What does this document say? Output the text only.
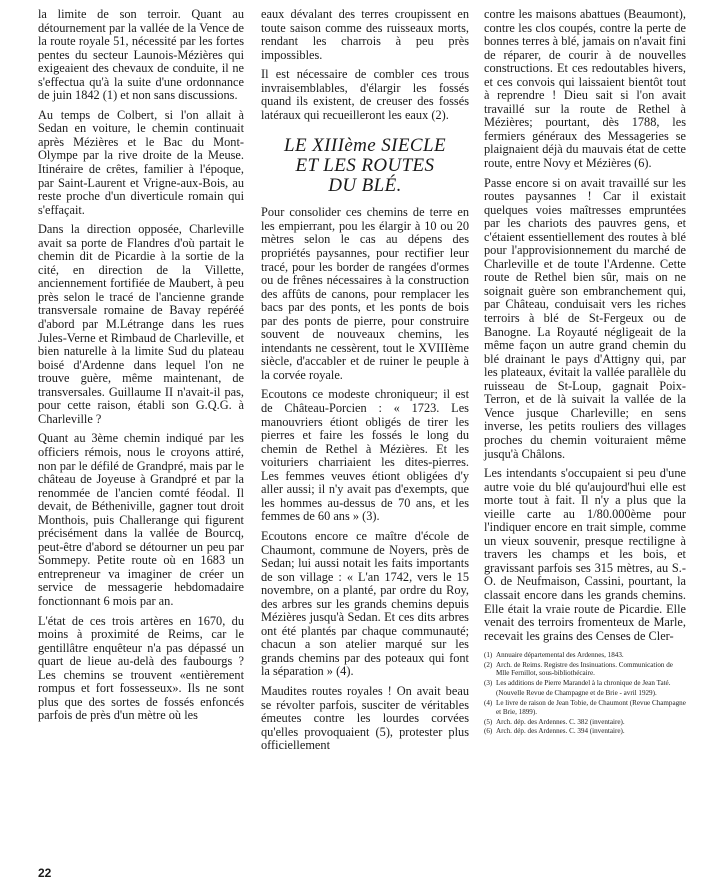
la limite de son terroir. Quant au détournement par la vallée de la Vence de la route royale 51, nécessité par les fortes pentes du secteur Launois-Mézières qui exigeaient des chevaux de conduite, il ne s'effectua qu'à la suite d'une ordonnance de juin 1842 (1) et non sans discussions.

Au temps de Colbert, si l'on allait à Sedan en voiture, le chemin continuait après Mézières et le Bac du Mont-Olympe par la rive droite de la Meuse. Itinéraire de crêtes, familier à l'époque, par Saint-Laurent et Vrigne-aux-Bois, au reste proche d'un diverticule romain qui s'effaçait.

Dans la direction opposée, Charleville avait sa porte de Flandres d'où partait le chemin dit de Picardie à la sortie de la cité, en direction de la Villette, anciennement fortifiée de Maubert, à peu près selon le tracé de l'ancienne grande transversale romaine de Bavay repéréé d'abord par M.Létrange dans les rues Jules-Verne et Rimbaud de Charleville, et bien naturelle à la limite Sud du plateau boisé d'Ardenne dans lequel l'on ne trouve guère, même maintenant, de transversales. Guillaume II n'avait-il pas, pour cette raison, établi son G.Q.G. à Charleville ?

Quant au 3ème chemin indiqué par les officiers rémois, nous le croyons attiré, non par le défilé de Grandpré, mais par le château de Joyeuse à Grandpré et par la renommée de l'ancien comté féodal. Il devait, de Bétheniville, gagner tout droit Monthois, puis Challerange qui figurent précisément dans la vallée de Bourcq, peut-être d'abord se détourner un peu par Sommepy. Petite route où en 1683 un entrepreneur va imaginer de créer un service de messagerie hebdomadaire fonctionnant 6 mois par an.

L'état de ces trois artères en 1670, du moins à proximité de Reims, car le gentillâtre enquêteur n'a pas dépassé un quart de lieue au-delà des faubourgs ? Les chemins se trouvent «entièrement rompus et fort fossesseux». Ils ne sont plus que des sortes de fossés enfoncés parfois de près d'un mètre où les

eaux dévalant des terres croupissent en toute saison comme des ruisseaux morts, rendant les charrois à peu près impossibles.

Il est nécessaire de combler ces trous invraisemblables, d'élargir les fossés quand ils existent, de creuser des fossés latéraux qui recueilleront les eaux (2).

LE XIIIème SIECLE
ET LES ROUTES
DU BLÉ.

Pour consolider ces chemins de terre en les empierrant, pou les élargir à 10 ou 20 mètres selon le cas au dépens des propriétés paysannes, pour rectifier leur tracé, pour les border de rangées d'ormes ou de frênes nécessaires à la construction des affûts de canons, pour remplacer les bacs par des ponts, et les ponts de bois par des ponts de pierre, pour construire souvent de nouveaux chemins, les intendants ne cessèrent, tout le XVIIIème siècle, d'accabler et de ruiner le peuple à la corvée royale.

Ecoutons ce modeste chroniqueur; il est de Château-Porcien : « 1723. Les manouvriers étiont obligés de tirer les pierres et faire les fossés le long du chemin de Rethel à Mézières. Et les voituriers charriaient les dites-pierres. Les femmes veuves étiont obligées d'y aller aussi; il n'y avait pas d'exempts, que les hommes au-dessus de 70 ans, et les femmes de 60 ans » (3).

Ecoutons encore ce maître d'école de Chaumont, commune de Noyers, près de Sedan; lui aussi notait les faits importants de son village : « L'an 1742, vers le 15 novembre, on a planté, par ordre du Roy, des arbres sur les grands chemins depuis Mézières jusqu'à Sedan. Et ces dits arbres ont été plantés par chaque communauté; chacun a son atelier marqué sur les grands chemins par des poteaux qui font la séparation » (4).

Maudites routes royales ! On avait beau se révolter parfois, susciter de véritables émeutes contre les lourdes corvées qu'elles provoquaient (5), protester plus officiellement

contre les maisons abattues (Beaumont), contre les clos coupés, contre la perte de bonnes terres à blé, jamais on n'avait fini de réparer, de courir à de nouvelles constructions. Et ces redoutables hivers, et ces convois qui laissaient bientôt tout à reprendre ! Dieu sait si l'on avait travaillé sur la route de Rethel à Mézières; pourtant, dès 1788, les fermiers généraux des Messageries se plaignaient déjà du mauvais état de cette route, entre Novy et Mézières (6).

Passe encore si on avait travaillé sur les routes paysannes ! Car il existait quelques voies maîtresses empruntées par les chariots des pauvres gens, et c'étaient essentiellement des routes à blé pour l'approvisionnement du marché de Charleville et de toute l'Ardenne. Cette route de Rethel bien sûr, mais on ne soignait guère son embranchement qui, par Château, conduisait vers les riches terroirs à blé de St-Fergeux ou de Banogne. La Royauté négligeait de la même façon un autre grand chemin du blé drainant le pays d'Attigny qui, par les plateaux, évitait la vallée parallèle du ruisseau de St-Loup, gagnait Poix-Terron, et de là suivait la vallée de la Vence jusque Charleville; en sens inverse, les petits rouliers des villages proches du chemin voituraient même jusqu'à Châlons.

Les intendants s'occupaient si peu d'une autre voie du blé qu'aujourd'hui elle est morte tout à fait. Il n'y a plus que la vieille carte au 1/80.000ème pour l'indiquer encore en trait simple, comme un vieux souvenir, presque rectiligne à travers les champs et les bois, et gravissant parfois ses 315 mètres, au S.-O. de Neufmaison, Cassini, pourtant, la classait encore dans les grands chemins. Elle était la vraie route de Picardie. Elle venait des terroirs fromenteux de Marle, recevait les grains des Censes de Cler-

(1) Annuaire départemental des Ardennes, 1843.
(2) Arch. de Reims. Registre des Insinuations. Communication de Mlle Fernillot, sous-bibliothécaire.
(3) Les additions de Pierre Marandel à la chronique de Jean Taté.
(Nouvelle Revue de Champagne et de Brie - avril 1929).
(4) Le livre de raison de Jean Tobie, de Chaumont (Revue Champagne et Brie, 1899).
(5) Arch. dép. des Ardennes. C. 382 (inventaire).
(6) Arch. dép. des Ardennes. C. 394 (inventaire).
22
